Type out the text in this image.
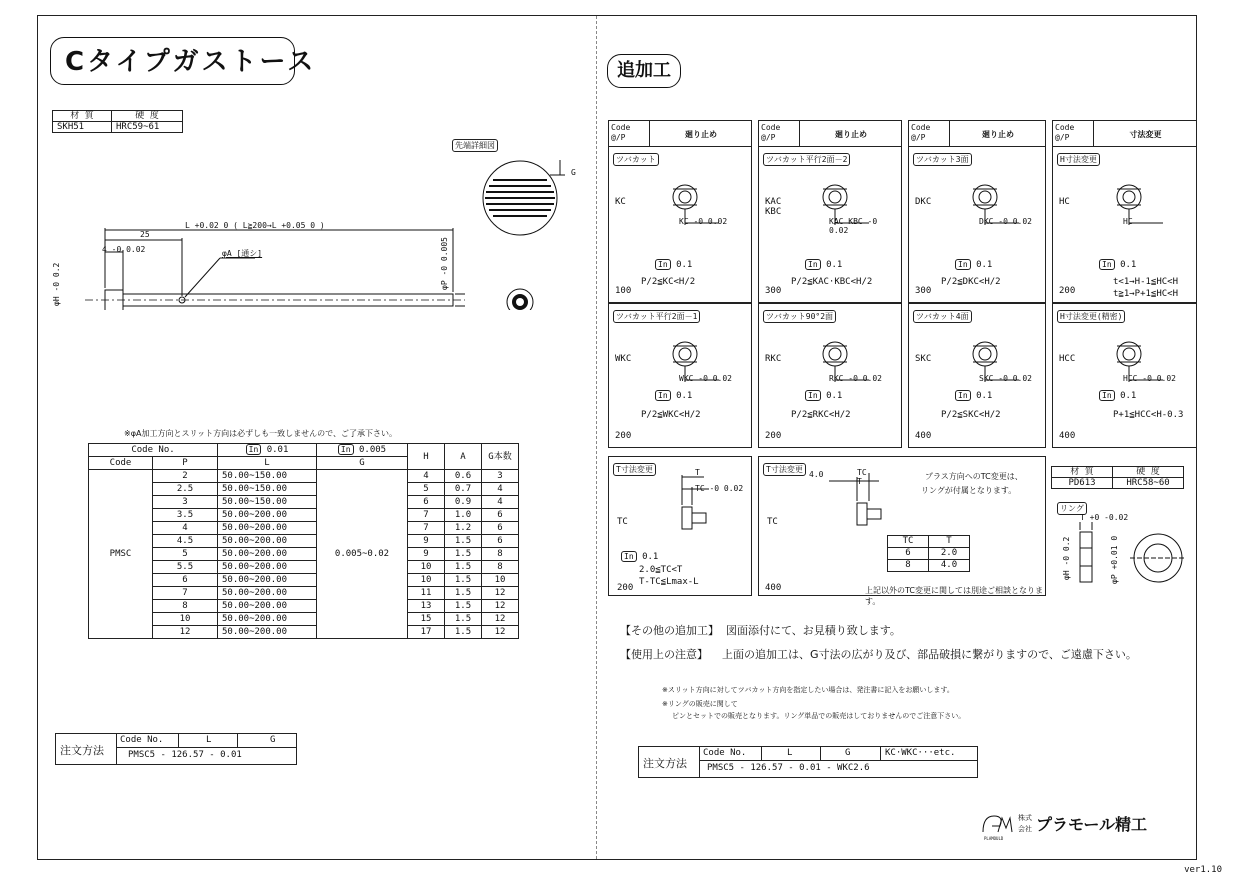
ver1.10
Cタイプガストース
材 質	硬 度
SKH51	HRC59~61
先端詳細図
L +0.02 0 ( L≧200→L +0.05 0 )
25
4 -0 0.02	φA [通シ]
φH -0 0.2	φP -0 0.005
G
※φA加工方向とスリット方向は必ずしも一致しませんので、ご了承下さい。
Code No.		In 0.01	In 0.005	H	A	G本数
Code	P	L	G			
PMSC	2	50.00~150.00	0.005~0.02	4	0.6	3
	2.5	50.00~150.00		5	0.7	4
	3	50.00~150.00		6	0.9	4
	3.5	50.00~200.00		7	1.0	6
	4	50.00~200.00		7	1.2	6
	4.5	50.00~200.00		9	1.5	6
	5	50.00~200.00		9	1.5	8
	5.5	50.00~200.00		10	1.5	8
	6	50.00~200.00		10	1.5	10
	7	50.00~200.00		11	1.5	12
	8	50.00~200.00		13	1.5	12
	10	50.00~200.00		15	1.5	12
	12	50.00~200.00		17	1.5	12
注文方法
Code No.	L	G
PMSC5 - 126.57 - 0.01
追加工
Code
@/P	廻り止め
ツバカット
KC
KC -0 0.02
In 0.1
P/2≦KC<H/2
100
Code
@/P	廻り止め
ツバカット平行2面－2
KAC KBC
KAC KBC -0 0.02
In 0.1
P/2≦KAC·KBC<H/2
300
Code
@/P	廻り止め
ツバカット3面
DKC
DKC -0 0.02
In 0.1
P/2≦DKC<H/2
300
Code
@/P	寸法変更
H寸法変更
HC
HC
In 0.1
t<1→H-1≦HC<H
t≧1→P+1≦HC<H
200
ツバカット平行2面－1
WKC
WKC -0 0.02
In 0.1
P/2≦WKC<H/2
200
ツバカット90°2面
RKC
RKC -0 0.02
In 0.1
P/2≦RKC<H/2
200
ツバカット4面
SKC
SKC -0 0.02
In 0.1
P/2≦SKC<H/2
400
H寸法変更(精密)
HCC
HCC -0 0.02
In 0.1
P+1≦HCC<H-0.3
400
T寸法変更
TC
T
TC -0 0.02
In 0.1
2.0≦TC<T
T-TC≦Lmax-L
200
T寸法変更
TC
4.0	TC
T
プラス方向へのTC変更は、
リングが付属となります。
TC	T
6	2.0
8	4.0
400	上記以外のTC変更に関しては別途ご相談となります。
材 質	硬 度
PD613	HRC58~60
リング
T +0 -0.02
φH -0 0.2	φP +0.01 0
【その他の追加工】 図面添付にて、お見積り致します。
【使用上の注意】 上面の追加工は、G寸法の広がり及び、部品破損に繋がりますので、ご遠慮下さい。
※スリット方向に対してツバカット方向を指定したい場合は、発注書に記入をお願いします。
※リングの販売に関して
ピンとセットでの販売となります。リング単品での販売はしておりませんのでご注意下さい。
注文方法
Code No.	L	G	KC·WKC···etc.
PMSC5 - 126.57 - 0.01 - WKC2.6
PLAMOULD
株式
会社 プラモール精工
